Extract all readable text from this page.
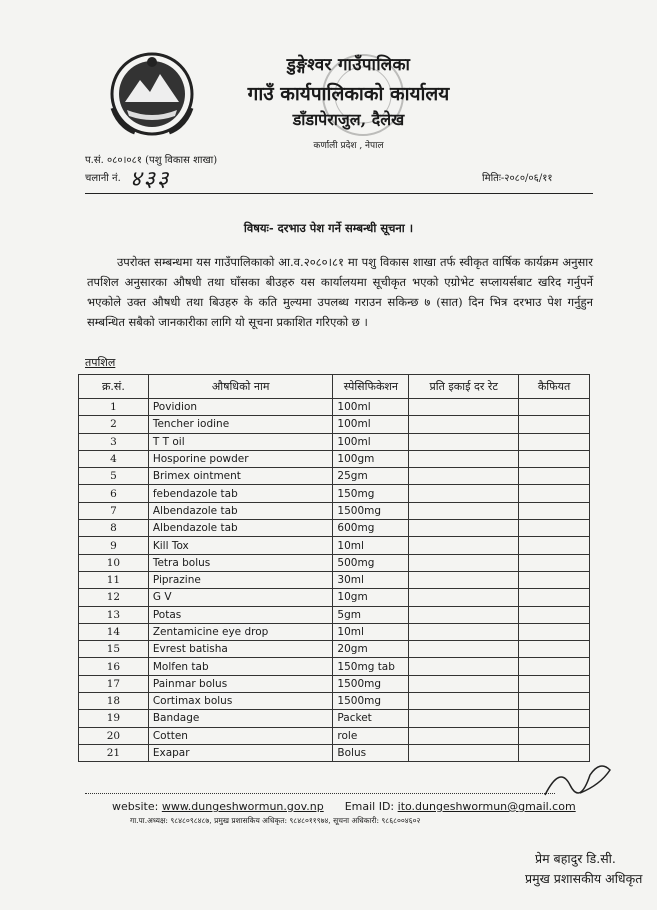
डुङ्गेश्वर गाउँपालिका
गाउँ कार्यपालिकाको कार्यालय
डाँडापेराजुल, दैलेख
कर्णाली प्रदेश , नेपाल
प.सं. ०८०।०८१ (पशु विकास शाखा)
चलानी नं. ४३३	मितिः-२०८०/०६/११
विषयः- दरभाउ पेश गर्ने सम्बन्धी सूचना ।
उपरोक्त सम्बन्धमा यस गाउँपालिकाको आ.व.२०८०।८१ मा पशु विकास शाखा तर्फ स्वीकृत वार्षिक कार्यक्रम अनुसार तपशिल अनुसारका औषधी तथा घाँसका बीउहरु यस कार्यालयमा सूचीकृत भएको एग्रोभेट सप्लायर्सबाट खरिद गर्नुपर्ने भएकोले उक्त औषधी तथा बिउहरु के कति मुल्यमा उपलब्ध गराउन सकिन्छ ७ (सात) दिन भित्र दरभाउ पेश गर्नुहुन सम्बन्धित सबैको जानकारीका लागि यो सूचना प्रकाशित गरिएको छ ।
तपशिल
क्र.सं.	औषधिको नाम	स्पेसिफिकेशन	प्रति इकाई दर रेट	कैफियत
1	Povidion	100ml		
2	Tencher iodine	100ml		
3	T T oil	100ml		
4	Hosporine powder	100gm		
5	Brimex ointment	25gm		
6	febendazole tab	150mg		
7	Albendazole tab	1500mg		
8	Albendazole tab	600mg		
9	Kill Tox	10ml		
10	Tetra bolus	500mg		
11	Piprazine	30ml		
12	G V	10gm		
13	Potas	5gm		
14	Zentamicine eye drop	10ml		
15	Evrest batisha	20gm		
16	Molfen tab	150mg tab		
17	Painmar bolus	1500mg		
18	Cortimax bolus	1500mg		
19	Bandage	Packet		
20	Cotten	role		
21	Exapar	Bolus		
website: www.dungeshwormun.gov.np Email ID: ito.dungeshwormun@gmail.com
गा.पा.अध्यक्ष: ९८४८०९८४८७, प्रमुख प्रशासकिय अधिकृत: ९८४८०११९७४, सूचना अधिकारी: ९८६८००४६०२
प्रेम बहादुर डि.सी.
प्रमुख प्रशासकीय अधिकृत
